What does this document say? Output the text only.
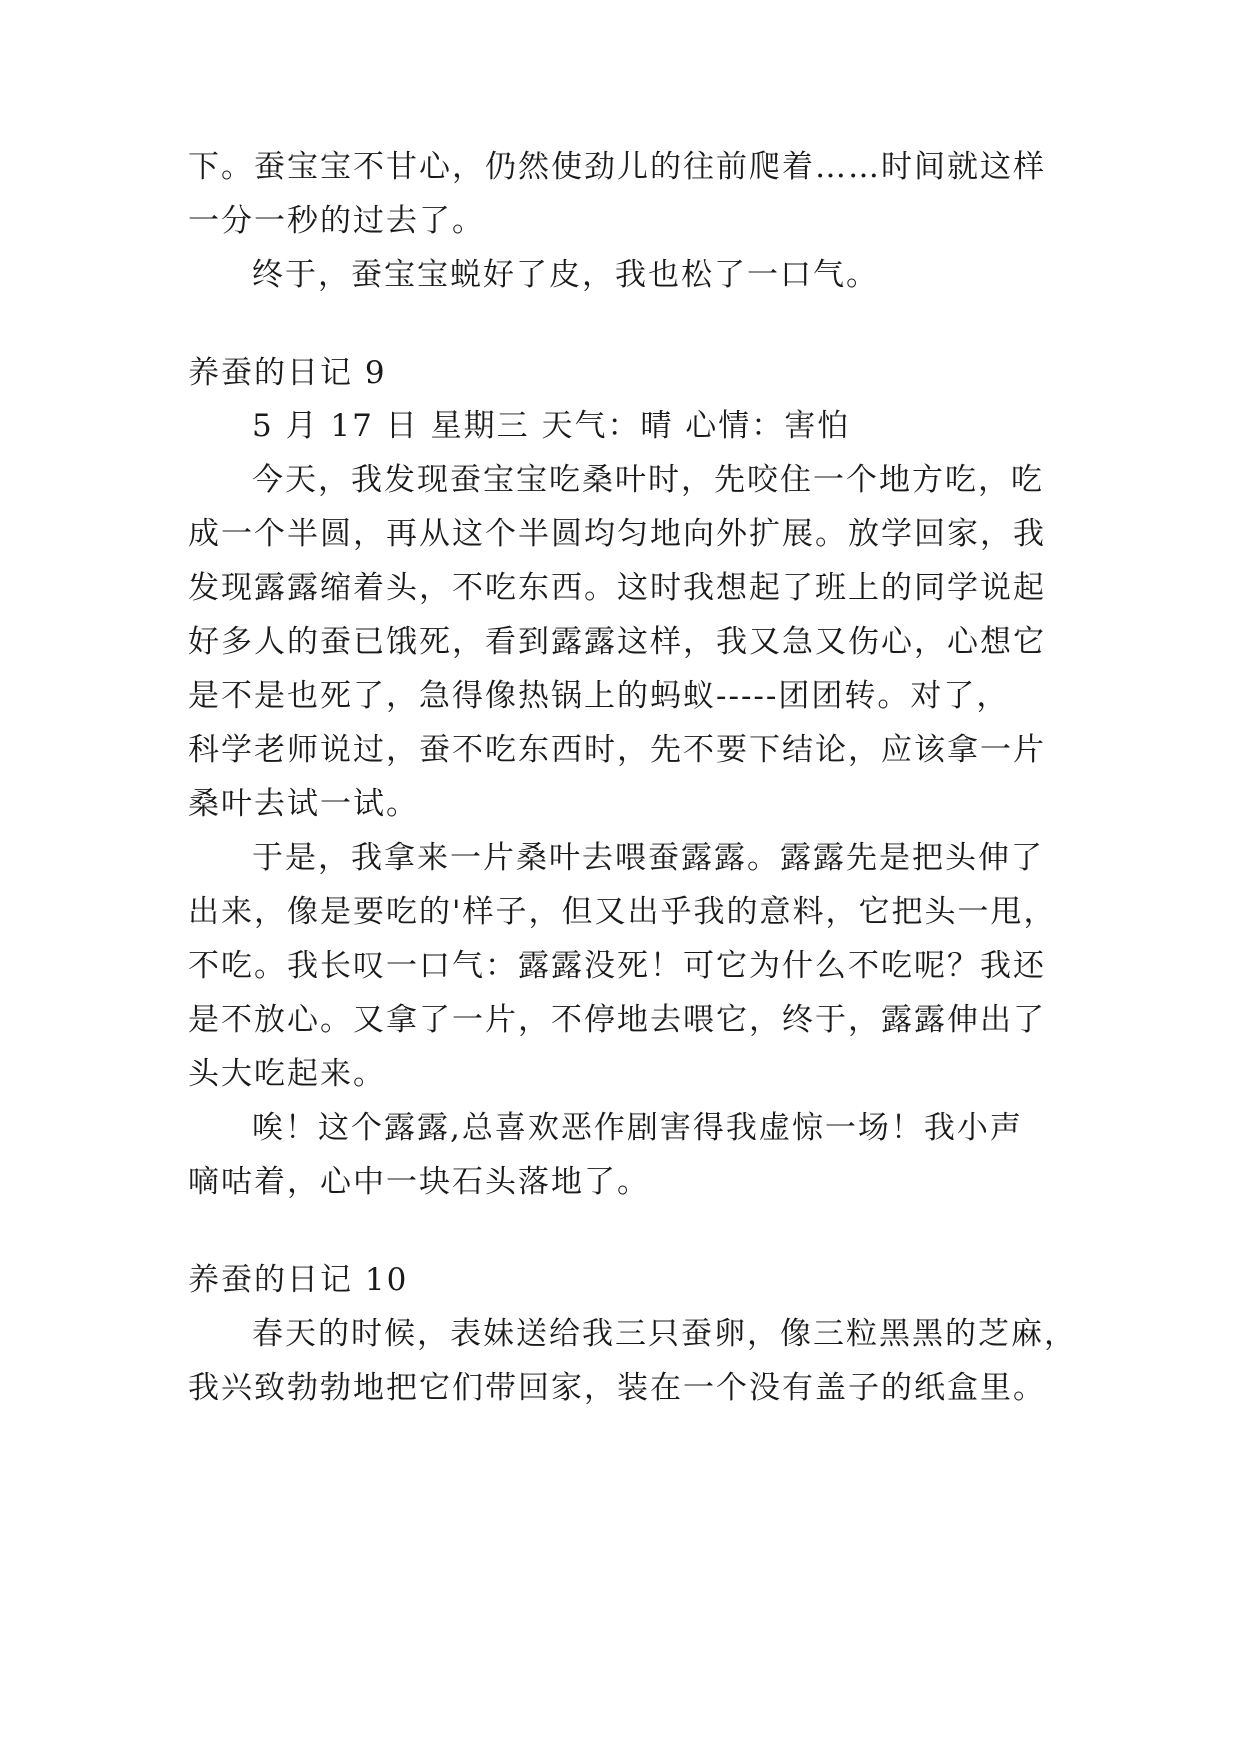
下。蚕宝宝不甘心，仍然使劲儿的往前爬着……时间就这样

一分一秒的过去了。

终于，蚕宝宝蜕好了皮，我也松了一口气。

养蚕的日记 9

5 月 17 日 星期三 天气：晴 心情：害怕

今天，我发现蚕宝宝吃桑叶时，先咬住一个地方吃，吃

成一个半圆，再从这个半圆均匀地向外扩展。放学回家，我

发现露露缩着头，不吃东西。这时我想起了班上的同学说起

好多人的蚕已饿死，看到露露这样，我又急又伤心，心想它

是不是也死了，急得像热锅上的蚂蚁-----团团转。对了，

科学老师说过，蚕不吃东西时，先不要下结论，应该拿一片

桑叶去试一试。

于是，我拿来一片桑叶去喂蚕露露。露露先是把头伸了

出来，像是要吃的'样子，但又出乎我的意料，它把头一甩，

不吃。我长叹一口气：露露没死！可它为什么不吃呢？我还

是不放心。又拿了一片，不停地去喂它，终于，露露伸出了

头大吃起来。

唉！这个露露,总喜欢恶作剧害得我虚惊一场！我小声

嘀咕着，心中一块石头落地了。

养蚕的日记 10

春天的时候，表妹送给我三只蚕卵，像三粒黑黑的芝麻，

我兴致勃勃地把它们带回家，装在一个没有盖子的纸盒里。
